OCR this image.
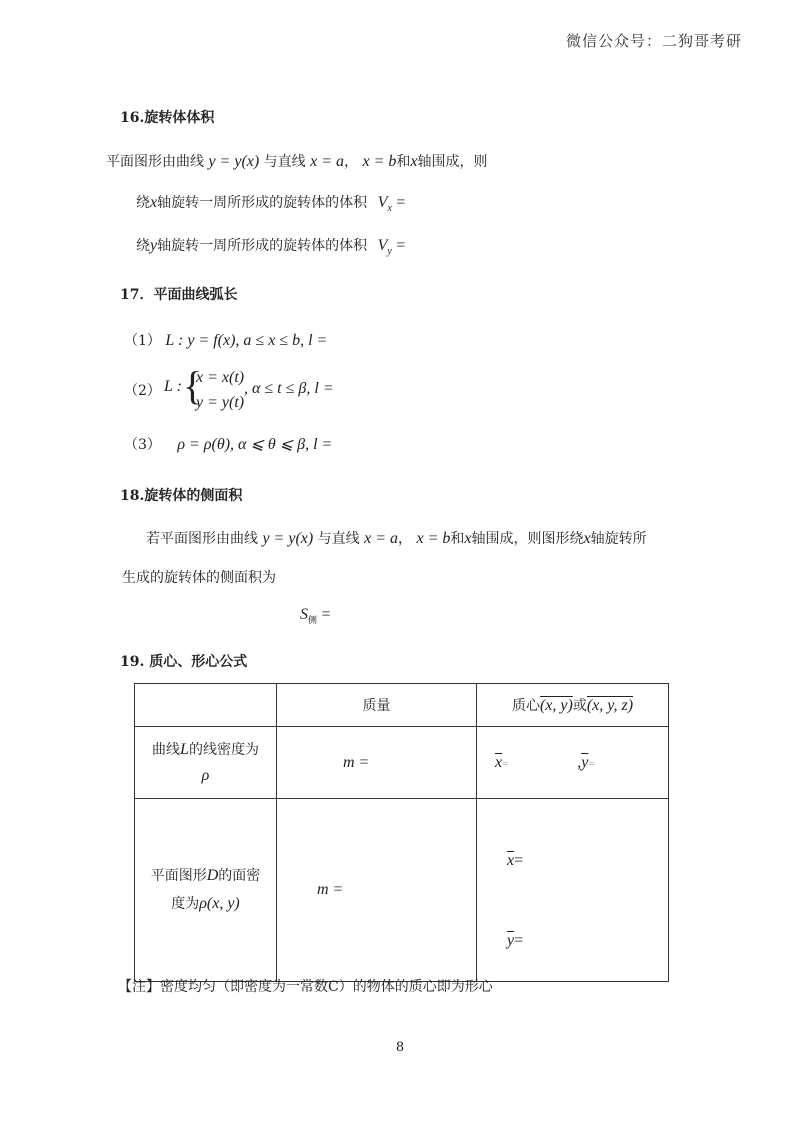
微信公众号：二狗哥考研
16.旋转体体积
平面图形由曲线 y = y(x) 与直线 x = a， x = b和x轴围成，则
绕x轴旋转一周所形成的旋转体的体积 $V_x$ =
绕y轴旋转一周所形成的旋转体的体积 $V_y$ =
17．平面曲线弧长
（1） L : y = f(x), a ≤ x ≤ b, l =
（2） L : {
x = x(t)
y = y(t)
, α ≤ t ≤ β, l =
（3） ρ = ρ(θ), α ⩽ θ ⩽ β, l =
18.旋转体的侧面积
若平面图形由曲线 y = y(x) 与直线 x = a， x = b和x轴围成，则图形绕x轴旋转所
生成的旋转体的侧面积为
$S_侧$ =
19. 质心、形心公式
	质量	质心(x, y)或(x, y, z)
曲线L的线密度为
ρ	m =	$\overline{x}= ,\overline{y}=$
平面图形D的面密
度为ρ(x, y)	m =	$\overline{x}=$
$\overline{y}=$
【注】密度均匀（即密度为一常数C）的物体的质心即为形心
8
